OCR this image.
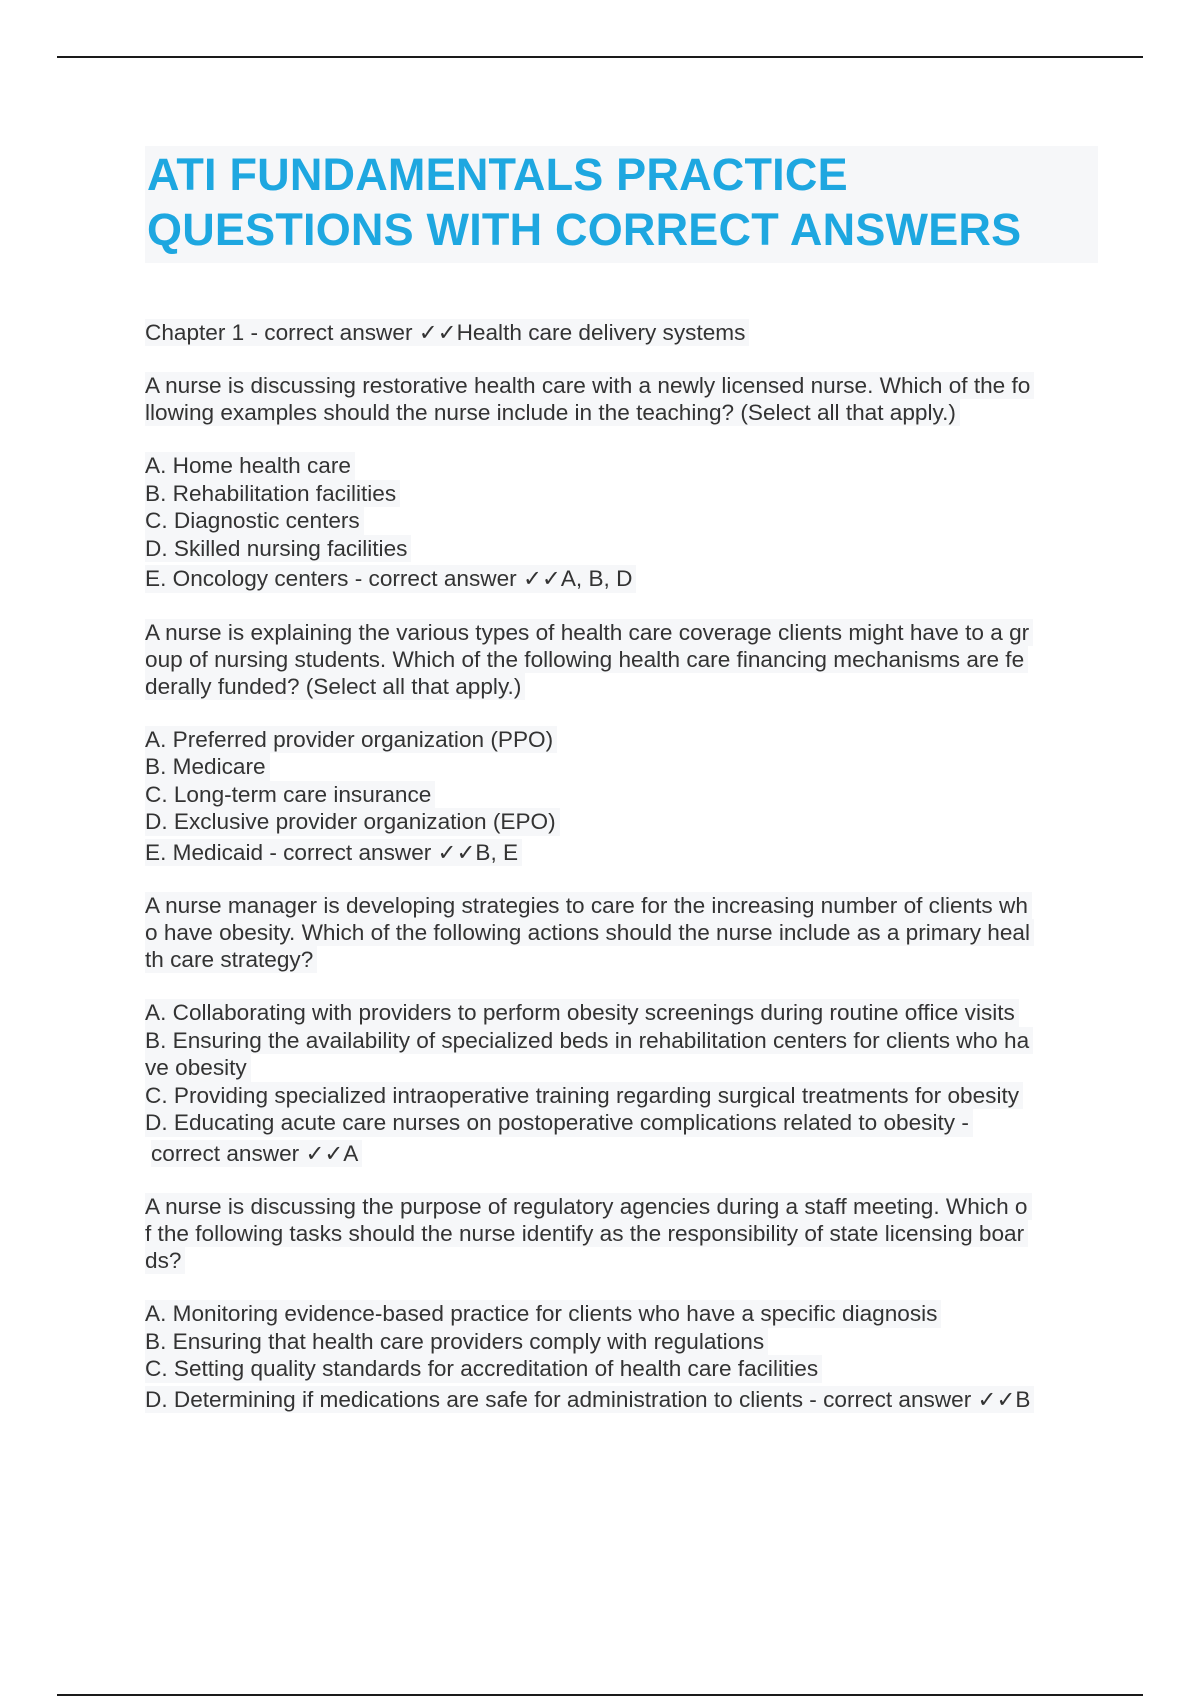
ATI FUNDAMENTALS PRACTICE
QUESTIONS WITH CORRECT ANSWERS
Chapter 1 - correct answer ✓✓Health care delivery systems
A nurse is discussing restorative health care with a newly licensed nurse. Which of the fo
llowing examples should the nurse include in the teaching? (Select all that apply.)
A. Home health care
B. Rehabilitation facilities
C. Diagnostic centers
D. Skilled nursing facilities
E. Oncology centers - correct answer ✓✓A, B, D
A nurse is explaining the various types of health care coverage clients might have to a gr
oup of nursing students. Which of the following health care financing mechanisms are fe
derally funded? (Select all that apply.)
A. Preferred provider organization (PPO)
B. Medicare
C. Long-term care insurance
D. Exclusive provider organization (EPO)
E. Medicaid - correct answer ✓✓B, E
A nurse manager is developing strategies to care for the increasing number of clients wh
o have obesity. Which of the following actions should the nurse include as a primary heal
th care strategy?
A. Collaborating with providers to perform obesity screenings during routine office visits
B. Ensuring the availability of specialized beds in rehabilitation centers for clients who ha
ve obesity
C. Providing specialized intraoperative training regarding surgical treatments for obesity
D. Educating acute care nurses on postoperative complications related to obesity -
correct answer ✓✓A
A nurse is discussing the purpose of regulatory agencies during a staff meeting. Which o
f the following tasks should the nurse identify as the responsibility of state licensing boar
ds?
A. Monitoring evidence-based practice for clients who have a specific diagnosis
B. Ensuring that health care providers comply with regulations
C. Setting quality standards for accreditation of health care facilities
D. Determining if medications are safe for administration to clients - correct answer ✓✓B
